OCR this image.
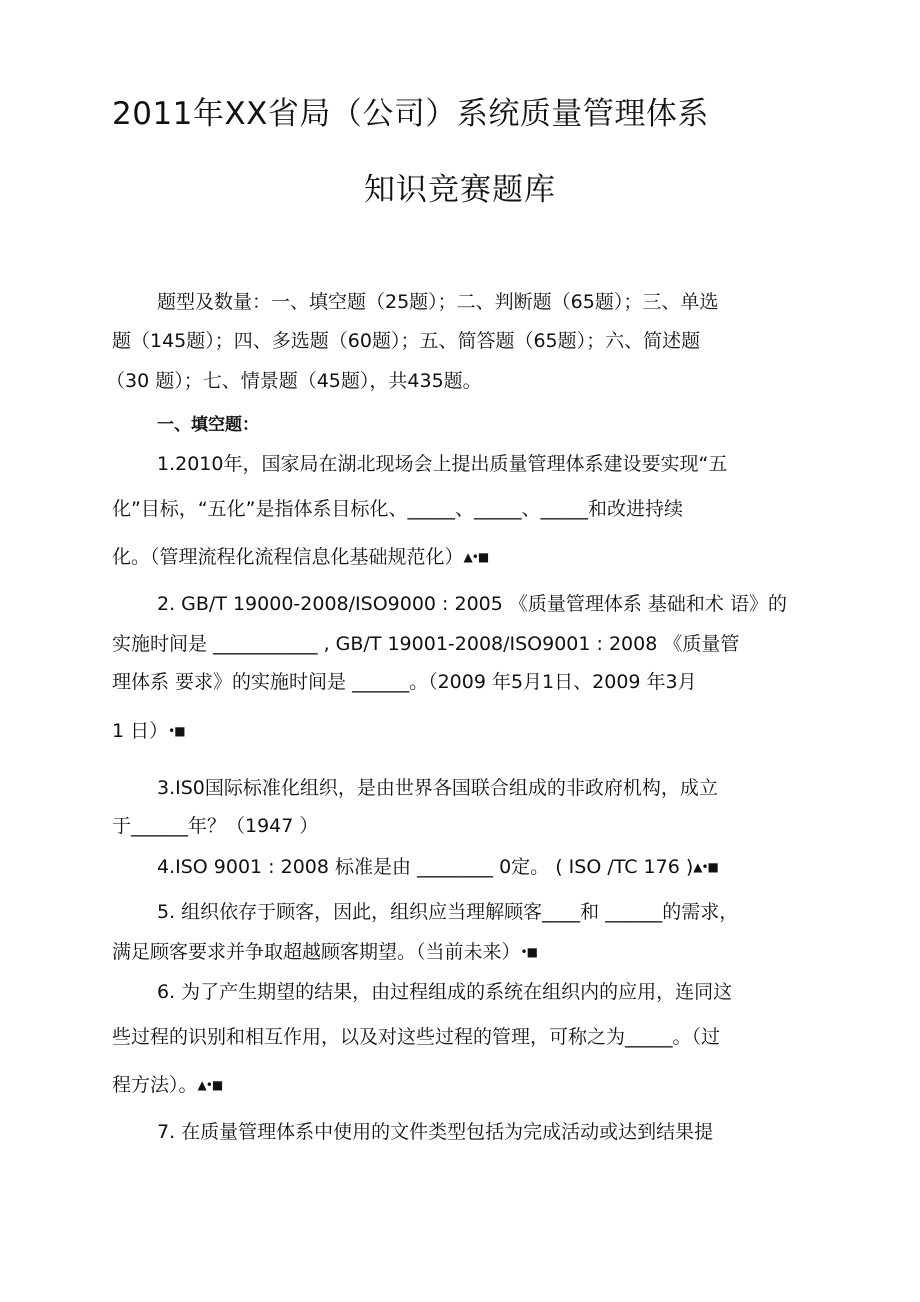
2011年XX省局（公司）系统质量管理体系
知识竞赛题库
题型及数量：一、填空题（25题）；二、判断题（65题）；三、单选
题（145题）；四、多选题（60题）；五、简答题（65题）；六、简述题
（30 题）；七、情景题（45题），共435题。
一、填空题：
1.2010年，国家局在湖北现场会上提出质量管理体系建设要实现“五
化”目标，“五化”是指体系目标化、_____、_____、_____和改进持续
化。（管理流程化流程信息化基础规范化）▲•■
2. GB/T 19000-2008/ISO9000 : 2005 《质量管理体系 基础和术 语》的
实施时间是 ___________ , GB/T 19001-2008/ISO9001 : 2008 《质量管
理体系 要求》的实施时间是 ______。（2009 年5月1日、2009 年3月
1 日）•■
3.IS0国际标准化组织，是由世界各国联合组成的非政府机构，成立
于______年？（1947 ）
4.ISO 9001 : 2008 标准是由 ________ 0定。 ( ISO /TC 176 )▲•■
5. 组织依存于顾客，因此，组织应当理解顾客____和 ______的需求，
满足顾客要求并争取超越顾客期望。（当前未来）•■
6. 为了产生期望的结果，由过程组成的系统在组织内的应用，连同这
些过程的识别和相互作用，以及对这些过程的管理，可称之为_____。（过
程方法）。▲•■
7. 在质量管理体系中使用的文件类型包括为完成活动或达到结果提
